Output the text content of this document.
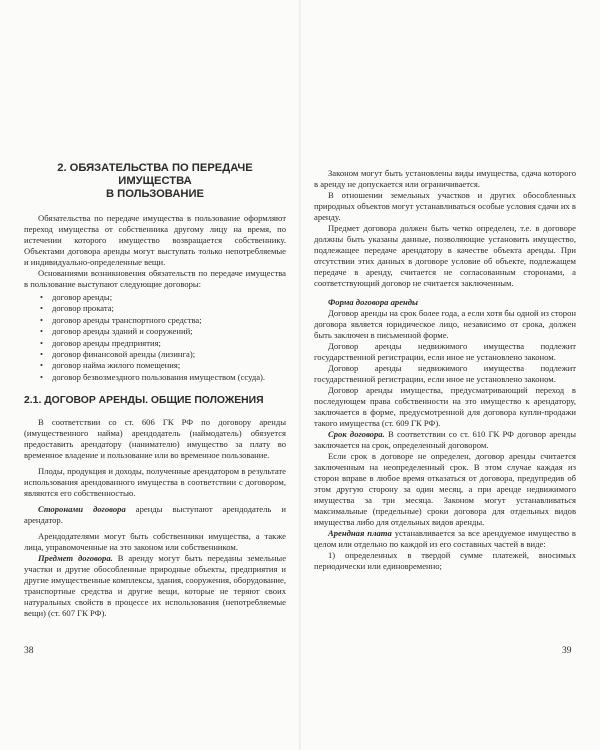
2. ОБЯЗАТЕЛЬСТВА ПО ПЕРЕДАЧЕ ИМУЩЕСТВА
В ПОЛЬЗОВАНИЕ

Обязательства по передаче имущества в пользование оформляют переход имущества от собственника другому лицу на время, по истечении которого имущество возвращается собственнику. Объектами договора аренды могут выступать только непотребляемые и индивидуально-определенные вещи.

Основаниями возникновения обязательств по передаче имущества в пользование выступают следующие договоры:

• договор аренды;
• договор проката;
• договор аренды транспортного средства;
• договор аренды зданий и сооружений;
• договор аренды предприятия;
• договор финансовой аренды (лизинга);
• договор найма жилого помещения;
• договор безвозмездного пользования имуществом (ссуда).
2.1. ДОГОВОР АРЕНДЫ. ОБЩИЕ ПОЛОЖЕНИЯ

В соответствии со ст. 606 ГК РФ по договору аренды (имущественного найма) арендодатель (наймодатель) обязуется предоставить арендатору (нанимателю) имущество за плату во временное владение и пользование или во временное пользование.

Плоды, продукция и доходы, полученные арендатором в результате использования арендованного имущества в соответствии с договором, являются его собственностью.

Сторонами договора аренды выступают арендодатель и арендатор.

Арендодателями могут быть собственники имущества, а также лица, управомоченные на это законом или собственником.

Предмет договора. В аренду могут быть переданы земельные участки и другие обособленные природные объекты, предприятия и другие имущественные комплексы, здания, сооружения, оборудование, транспортные средства и другие вещи, которые не теряют своих натуральных свойств в процессе их использования (непотребляемые вещи) (ст. 607 ГК РФ).

Законом могут быть установлены виды имущества, сдача которого в аренду не допускается или ограничивается.

В отношении земельных участков и других обособленных природных объектов могут устанавливаться особые условия сдачи их в аренду.

Предмет договора должен быть четко определен, т.е. в договоре должны быть указаны данные, позволяющие установить имущество, подлежащее передаче арендатору в качестве объекта аренды. При отсутствии этих данных в договоре условие об объекте, подлежащем передаче в аренду, считается не согласованным сторонами, а соответствующий договор не считается заключенным.

Форма договора аренды

Договор аренды на срок более года, а если хотя бы одной из сторон договора является юридическое лицо, независимо от срока, должен быть заключен в письменной форме.

Договор аренды недвижимого имущества подлежит государственной регистрации, если иное не установлено законом.

Договор аренды недвижимого имущества подлежит государственной регистрации, если иное не установлено законом.

Договор аренды имущества, предусматривающий переход в последующем права собственности на это имущество к арендатору, заключается в форме, предусмотренной для договора купли-продажи такого имущества (ст. 609 ГК РФ).

Срок договора. В соответствии со ст. 610 ГК РФ договор аренды заключается на срок, определенный договором.

Если срок в договоре не определен, договор аренды считается заключенным на неопределенный срок. В этом случае каждая из сторон вправе в любое время отказаться от договора, предупредив об этом другую сторону за один месяц, а при аренде недвижимого имущества за три месяца. Законом могут устанавливаться максимальные (предельные) сроки договора для отдельных видов имущества либо для отдельных видов аренды.

Арендная плата устанавливается за все арендуемое имущество в целом или отдельно по каждой из его составных частей в виде:

1) определенных в твердой сумме платежей, вносимых периодически или единовременно;

38	39
